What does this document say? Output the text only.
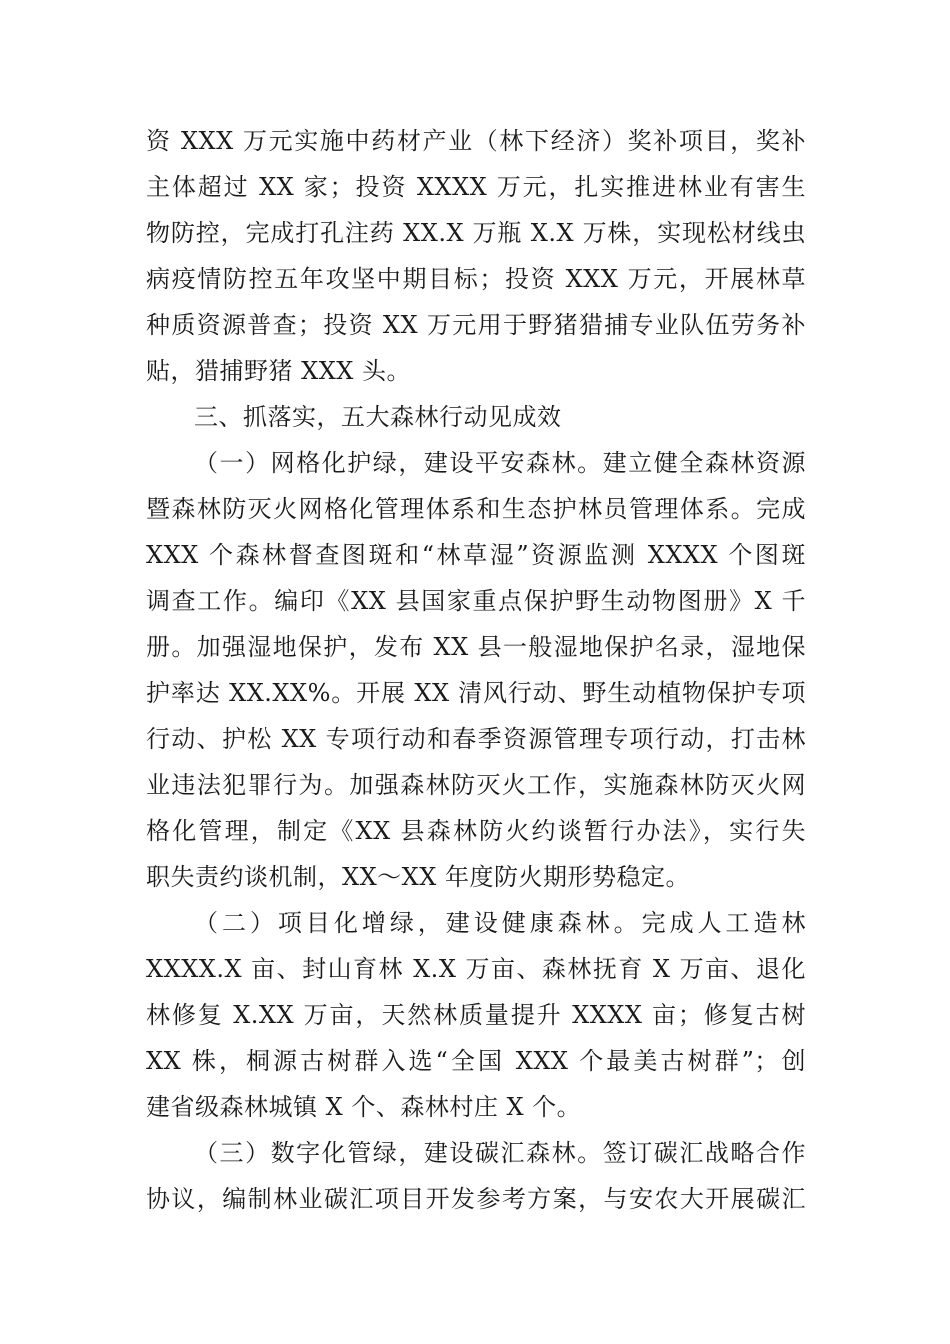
资 XXX 万元实施中药材产业（林下经济）奖补项目，奖补
主体超过 XX 家；投资 XXXX 万元，扎实推进林业有害生
物防控，完成打孔注药 XX.X 万瓶 X.X 万株，实现松材线虫
病疫情防控五年攻坚中期目标；投资 XXX 万元，开展林草
种质资源普查；投资 XX 万元用于野猪猎捕专业队伍劳务补
贴，猎捕野猪 XXX 头。
三、抓落实，五大森林行动见成效
（一）网格化护绿，建设平安森林。建立健全森林资源
暨森林防灭火网格化管理体系和生态护林员管理体系。完成
XXX 个森林督查图斑和“林草湿”资源监测 XXXX 个图斑
调查工作。编印《XX 县国家重点保护野生动物图册》X 千
册。加强湿地保护，发布 XX 县一般湿地保护名录，湿地保
护率达 XX.XX%。开展 XX 清风行动、野生动植物保护专项
行动、护松 XX 专项行动和春季资源管理专项行动，打击林
业违法犯罪行为。加强森林防灭火工作，实施森林防灭火网
格化管理，制定《XX 县森林防火约谈暂行办法》，实行失
职失责约谈机制，XX～XX 年度防火期形势稳定。
（二）项目化增绿，建设健康森林。完成人工造林
XXXX.X 亩、封山育林 X.X 万亩、森林抚育 X 万亩、退化
林修复 X.XX 万亩，天然林质量提升 XXXX 亩；修复古树
XX 株，桐源古树群入选“全国 XXX 个最美古树群”；创
建省级森林城镇 X 个、森林村庄 X 个。
（三）数字化管绿，建设碳汇森林。签订碳汇战略合作
协议，编制林业碳汇项目开发参考方案，与安农大开展碳汇
